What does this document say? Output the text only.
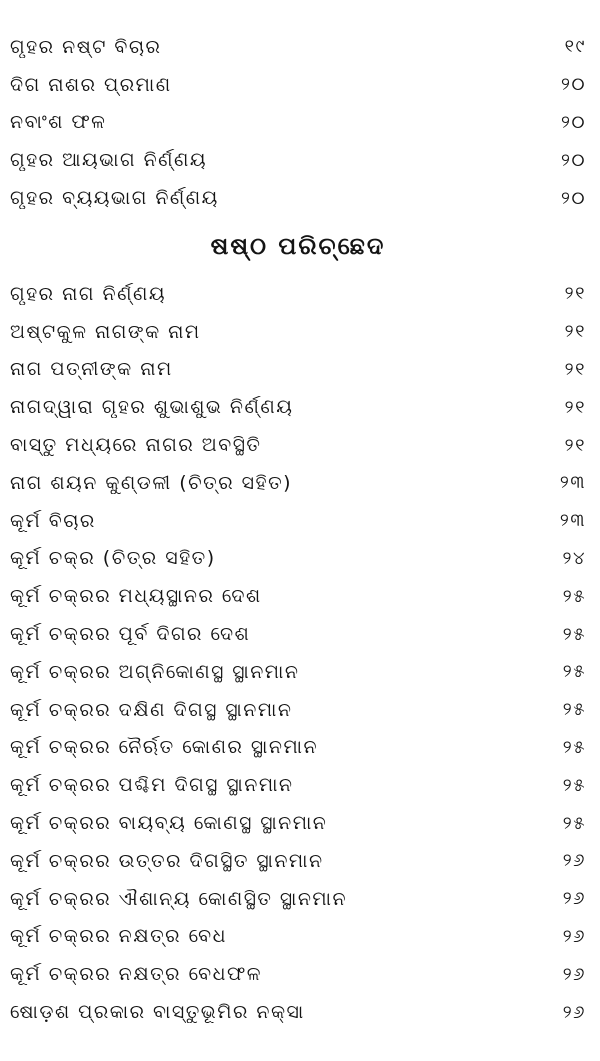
ଗୃହର ନଷ୍ଟ ବିଚାର	୧୯
ଦିଗ ନାଶର ପ୍ରମାଣ	୨୦
ନବାଂଶ ଫଳ	୨୦
ଗୃହର ଆୟଭାଗ ନିର୍ଣ୍ଣୟ	୨୦
ଗୃହର ବ୍ୟୟଭାଗ ନିର୍ଣ୍ଣୟ	୨୦
ଷଷ୍ଠ ପରିଚ୍ଛେଦ
ଗୃହର ନାଗ ନିର୍ଣ୍ଣୟ	୨୧
ଅଷ୍ଟକୁଳ ନାଗଙ୍କ ନାମ	୨୧
ନାଗ ପତ୍ନୀଙ୍କ ନାମ	୨୧
ନାଗଦ୍ୱାରା ଗୃହର ଶୁଭାଶୁଭ ନିର୍ଣ୍ଣୟ	୨୧
ବାସ୍ତୁ ମଧ୍ୟରେ ନାଗର ଅବସ୍ଥିତି	୨୧
ନାଗ ଶୟନ କୁଣ୍ଡଳୀ (ଚିତ୍ର ସହିତ)	୨୩
କୂର୍ମ ବିଚାର	୨୩
କୂର୍ମ ଚକ୍ର (ଚିତ୍ର ସହିତ)	୨୪
କୂର୍ମ ଚକ୍ରର ମଧ୍ୟସ୍ଥାନର ଦେଶ	୨୫
କୂର୍ମ ଚକ୍ରର ପୂର୍ବ ଦିଗର ଦେଶ	୨୫
କୂର୍ମ ଚକ୍ରର ଅଗ୍ନିକୋଣସ୍ଥ ସ୍ଥାନମାନ	୨୫
କୂର୍ମ ଚକ୍ରର ଦକ୍ଷିଣ ଦିଗସ୍ଥ ସ୍ଥାନମାନ	୨୫
କୂର୍ମ ଚକ୍ରର ନୈର୍ଋତ କୋଣର ସ୍ଥାନମାନ	୨୫
କୂର୍ମ ଚକ୍ରର ପଶ୍ଚିମ ଦିଗସ୍ଥ ସ୍ଥାନମାନ	୨୫
କୂର୍ମ ଚକ୍ରର ବାୟବ୍ୟ କୋଣସ୍ଥ ସ୍ଥାନମାନ	୨୫
କୂର୍ମ ଚକ୍ରର ଉତ୍ତର ଦିଗସ୍ଥିତ ସ୍ଥାନମାନ	୨୬
କୂର୍ମ ଚକ୍ରର ଐଶାନ୍ୟ କୋଣସ୍ଥିତ ସ୍ଥାନମାନ	୨୬
କୂର୍ମ ଚକ୍ରର ନକ୍ଷତ୍ର ବେଧ	୨୬
କୂର୍ମ ଚକ୍ରର ନକ୍ଷତ୍ର ବେଧଫଳ	୨୬
ଷୋଡ଼ଶ ପ୍ରକାର ବାସ୍ତୁଭୂମିର ନକ୍ସା	୨୬
